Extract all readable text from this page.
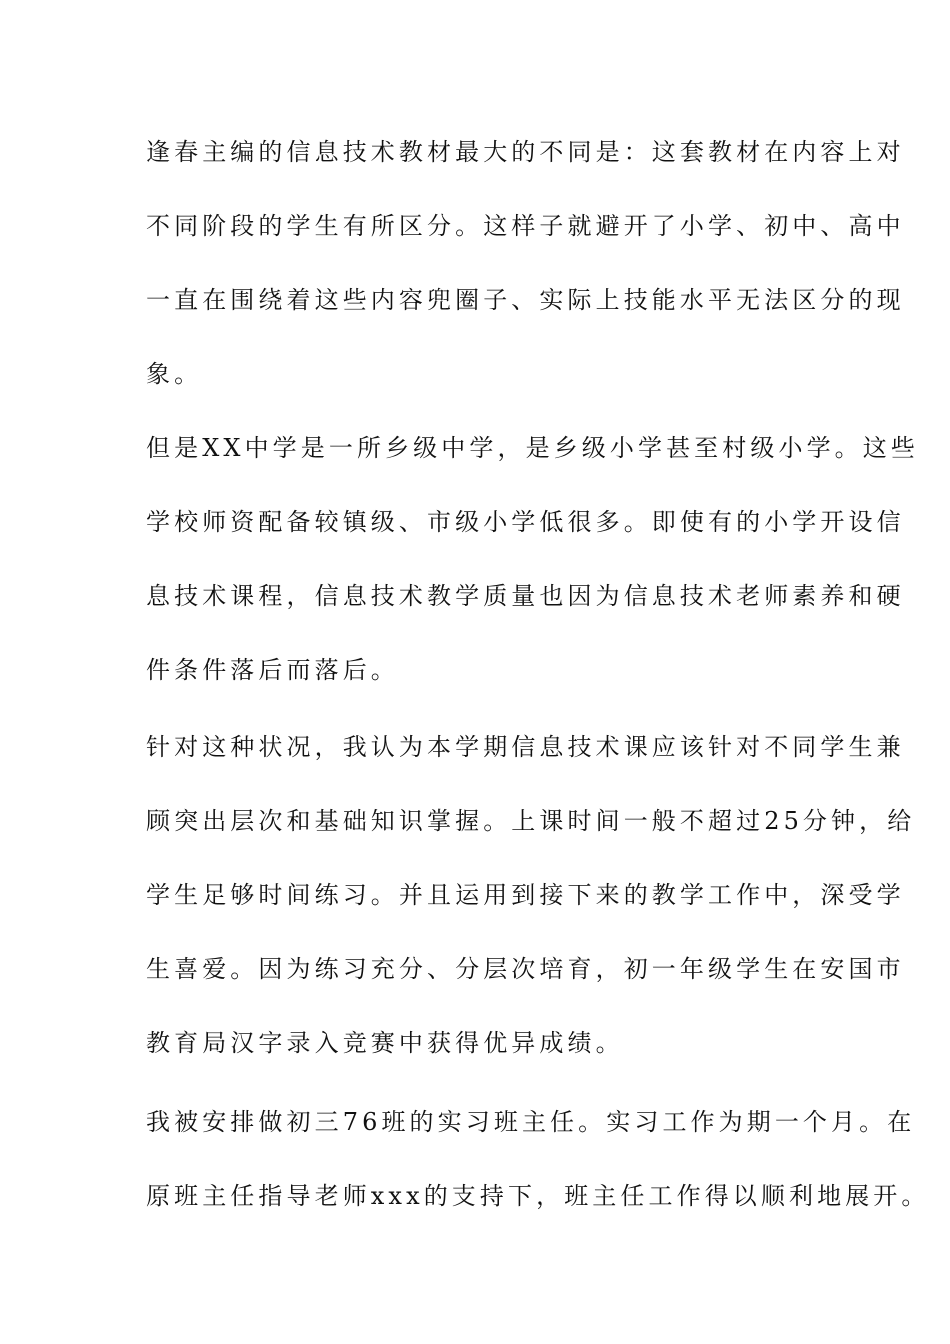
逢春主编的信息技术教材最大的不同是：这套教材在内容上对
不同阶段的学生有所区分。这样子就避开了小学、初中、高中
一直在围绕着这些内容兜圈子、实际上技能水平无法区分的现
象。
但是XX中学是一所乡级中学，是乡级小学甚至村级小学。这些
学校师资配备较镇级、市级小学低很多。即使有的小学开设信
息技术课程，信息技术教学质量也因为信息技术老师素养和硬
件条件落后而落后。
针对这种状况，我认为本学期信息技术课应该针对不同学生兼
顾突出层次和基础知识掌握。上课时间一般不超过25分钟，给
学生足够时间练习。并且运用到接下来的教学工作中，深受学
生喜爱。因为练习充分、分层次培育，初一年级学生在安国市
教育局汉字录入竞赛中获得优异成绩。
我被安排做初三76班的实习班主任。实习工作为期一个月。在
原班主任指导老师xxx的支持下，班主任工作得以顺利地展开。
